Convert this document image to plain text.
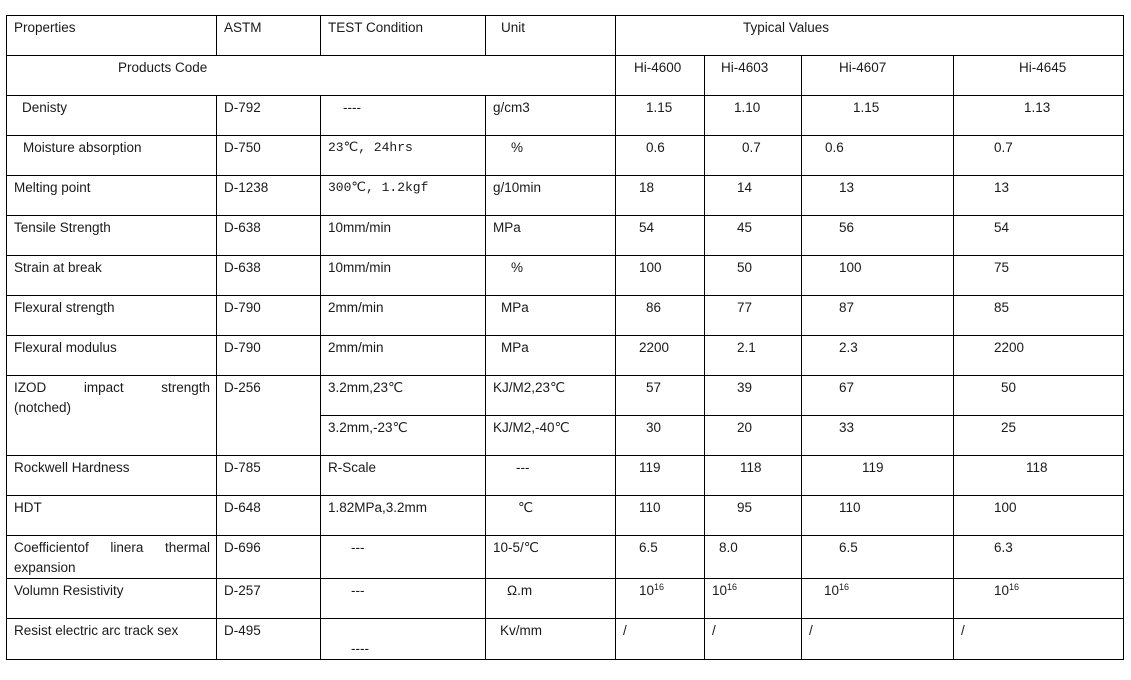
Properties	ASTM	TEST Condition	Unit	Typical Values			

Products Code				Hi-4600	Hi-4603	Hi-4607	Hi-4645

Denisty	D-792	----	g/cm3	1.15	1.10	1.15	1.13

Moisture absorption	D-750	23℃, 24hrs	%	0.6	0.7	0.6	0.7

Melting point	D-1238	300℃, 1.2kgf	g/10min	18	14	13	13

Tensile Strength	D-638	10mm/min	MPa	54	45	56	54

Strain at break	D-638	10mm/min	%	100	50	100	75

Flexural strength	D-790	2mm/min	MPa	86	77	87	85

Flexural modulus	D-790	2mm/min	MPa	2200	2.1	2.3	2200

IZOD impact strength
(notched)	D-256	3.2mm,23℃	KJ/M2,23℃	57	39	67	50

		3.2mm,-23℃	KJ/M2,-40℃	30	20	33	25

Rockwell Hardness	D-785	R-Scale	---	119	118	119	118

HDT	D-648	1.82MPa,3.2mm	℃	110	95	110	100

Coefficientof linera thermal
expansion	D-696	---	10-5/℃	6.5	8.0	6.5	6.3

Volumn Resistivity	D-257	---	Ω.m	$10^{16}$	$10^{16}$	$10^{16}$	$10^{16}$

Resist electric arc track sex	D-495	----	Kv/mm	/	/	/	/
